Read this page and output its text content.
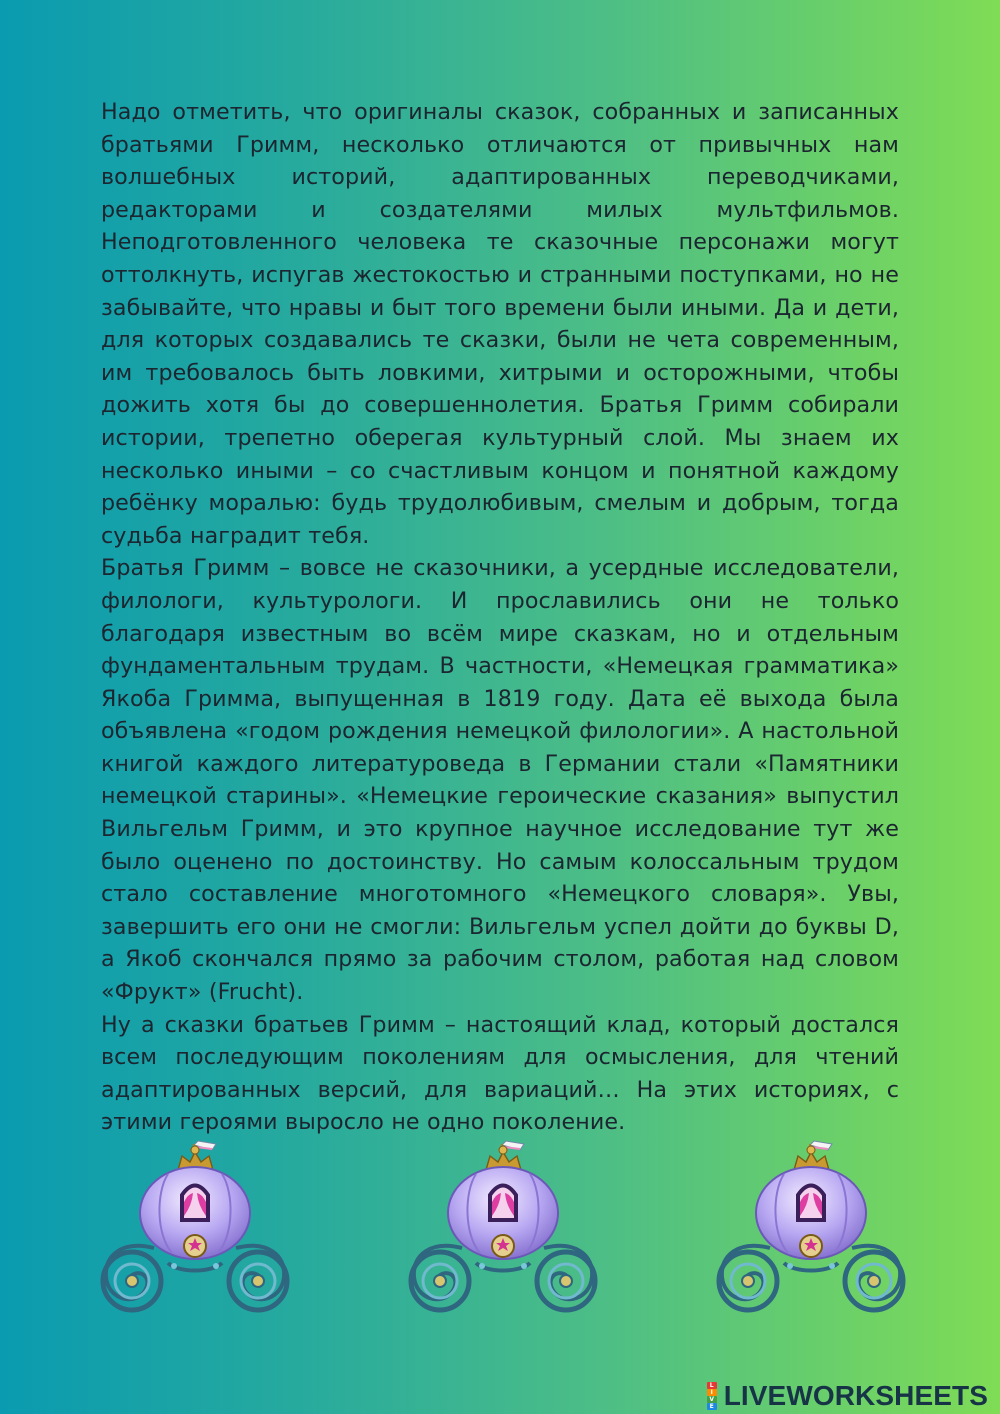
Надо отметить, что оригиналы сказок, собранных и записанных братьями Гримм, несколько отличаются от привычных нам волшебных историй, адаптированных переводчиками, редакторами и создателями милых мультфильмов. Неподготовленного человека те сказочные персонажи могут оттолкнуть, испугав жестокостью и странными поступками, но не забывайте, что нравы и быт того времени были иными. Да и дети, для которых создавались те сказки, были не чета современным, им требовалось быть ловкими, хитрыми и осторожными, чтобы дожить хотя бы до совершеннолетия. Братья Гримм собирали истории, трепетно оберегая культурный слой. Мы знаем их несколько иными – со счастливым концом и понятной каждому ребёнку моралью: будь трудолюбивым, смелым и добрым, тогда судьба наградит тебя.

Братья Гримм – вовсе не сказочники, а усердные исследователи, филологи, культурологи. И прославились они не только благодаря известным во всём мире сказкам, но и отдельным фундаментальным трудам. В частности, «Немецкая грамматика» Якоба Гримма, выпущенная в 1819 году. Дата её выхода была объявлена «годом рождения немецкой филологии». А настольной книгой каждого литературоведа в Германии стали «Памятники немецкой старины». «Немецкие героические сказания» выпустил Вильгельм Гримм, и это крупное научное исследование тут же было оценено по достоинству. Но самым колоссальным трудом стало составление многотомного «Немецкого словаря». Увы, завершить его они не смогли: Вильгельм успел дойти до буквы D, а Якоб скончался прямо за рабочим столом, работая над словом «Фрукт» (Frucht).

Ну а сказки братьев Гримм – настоящий клад, который достался всем последующим поколениям для осмысления, для чтений адаптированных версий, для вариаций… На этих историях, с этими героями выросло не одно поколение.

L
I
V
E LIVEWORKSHEETS
